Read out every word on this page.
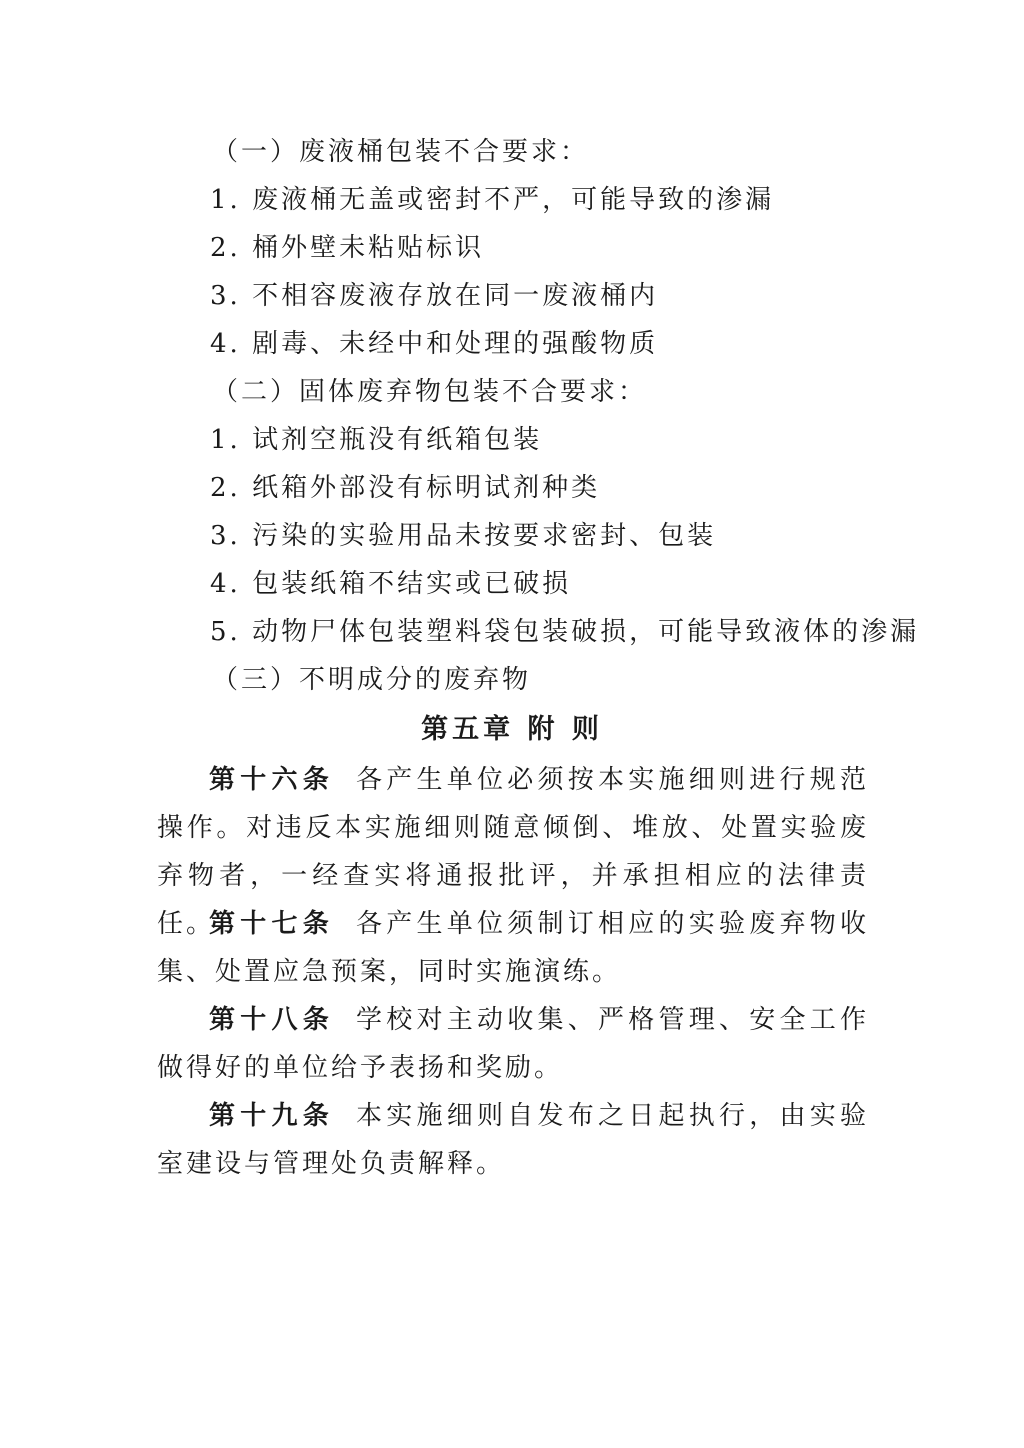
（一）废液桶包装不合要求：
1. 废液桶无盖或密封不严，可能导致的渗漏
2. 桶外壁未粘贴标识
3. 不相容废液存放在同一废液桶内
4. 剧毒、未经中和处理的强酸物质
（二）固体废弃物包装不合要求：
1. 试剂空瓶没有纸箱包装
2. 纸箱外部没有标明试剂种类
3. 污染的实验用品未按要求密封、包装
4. 包装纸箱不结实或已破损
5. 动物尸体包装塑料袋包装破损，可能导致液体的渗漏
（三）不明成分的废弃物
第五章 附 则
第十六条 各产生单位必须按本实施细则进行规范操作。对违反本实施细则随意倾倒、堆放、处置实验废弃物者，一经查实将通报批评，并承担相应的法律责任。
第十七条 各产生单位须制订相应的实验废弃物收集、处置应急预案，同时实施演练。
第十八条 学校对主动收集、严格管理、安全工作做得好的单位给予表扬和奖励。
第十九条 本实施细则自发布之日起执行，由实验室建设与管理处负责解释。
